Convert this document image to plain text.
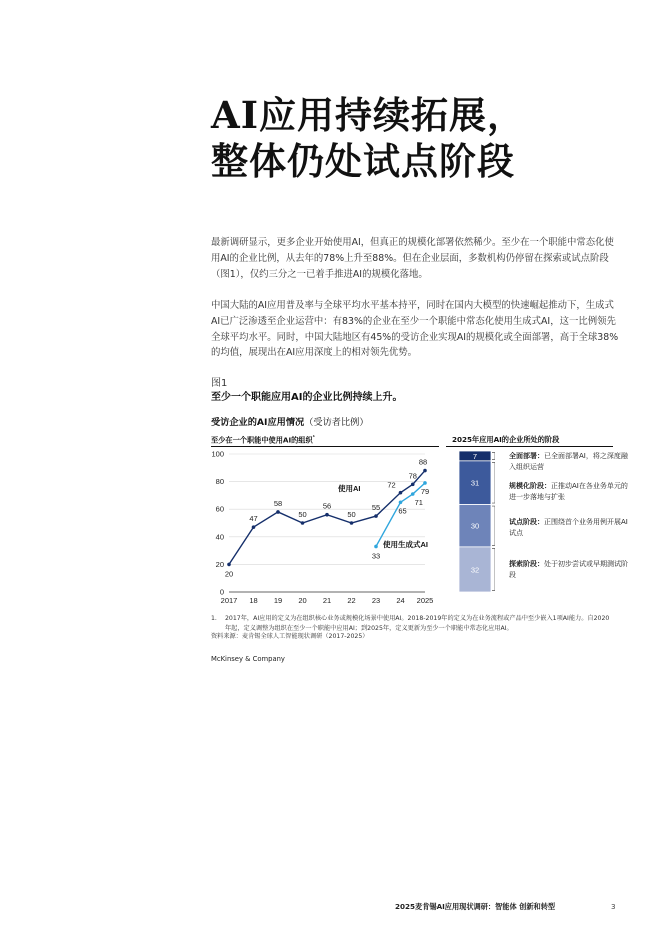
AI应用持续拓展，
整体仍处试点阶段
最新调研显示，更多企业开始使用AI，但真正的规模化部署依然稀少。至少在一个职能中常态化使用AI的企业比例，从去年的78%上升至88%。但在企业层面，多数机构仍停留在探索或试点阶段（图1），仅约三分之一已着手推进AI的规模化落地。
中国大陆的AI应用普及率与全球平均水平基本持平，同时在国内大模型的快速崛起推动下，生成式AI已广泛渗透至企业运营中：有83%的企业在至少一个职能中常态化使用生成式AI，这一比例领先全球平均水平。同时，中国大陆地区有45%的受访企业实现AI的规模化或全面部署，高于全球38%的均值，展现出在AI应用深度上的相对领先优势。
图1
至少一个职能应用AI的企业比例持续上升。
受访企业的AI应用情况（受访者比例）
至少在一个职能中使用AI的组织$^{^1}$	2025年应用AI的企业所处的阶段
0
20
40
60
80
100
2017 18 19 20 21 22 23 24 2025
20
47
58
50
56
50
55
72
78
88
33
65
71
79
使用AI
使用生成式AI
7
31
30
32
全面部署：已全面部署AI，将之深度融入组织运营
规模化阶段：正推动AI在各业务单元的进一步落地与扩张
试点阶段：正围绕首个业务用例开展AI试点
探索阶段：处于初步尝试或早期测试阶段
1.	2017年，AI应用的定义为在组织核心业务或规模化场景中使用AI。2018-2019年的定义为在业务流程或产品中至少嵌入1项AI能力。自2020年起，定义调整为组织在至少一个职能中应用AI；到2025年，定义更新为至少一个职能中常态化应用AI。
资料来源：麦肯锡全球人工智能现状调研（2017-2025）
McKinsey & Company
2025麦肯锡AI应用现状调研：智能体 创新和转型	3
